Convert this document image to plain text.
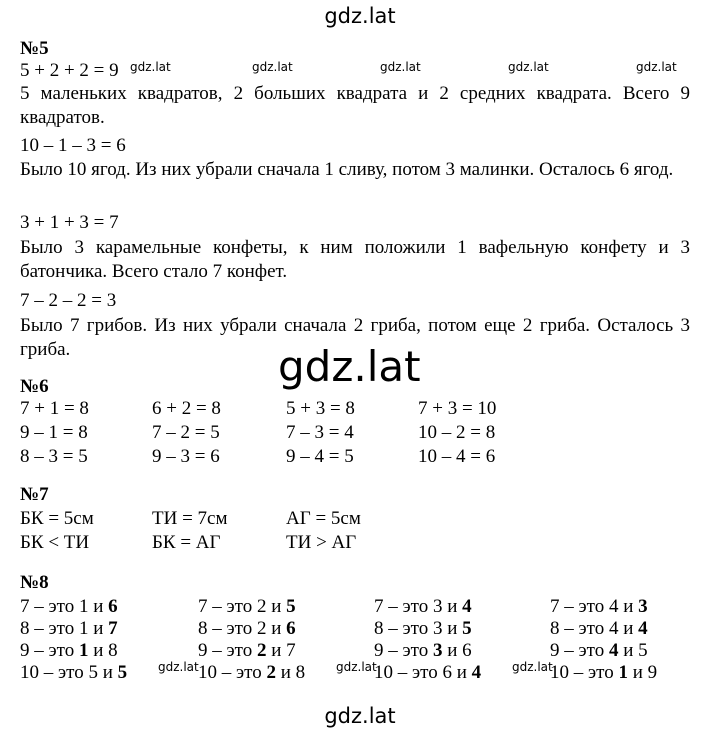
gdz.lat
gdz.lat
gdz.lat
gdz.lat	gdz.lat	gdz.lat	gdz.lat	gdz.lat
gdz.lat	gdz.lat	gdz.lat
№5
5 + 2 + 2 = 9
5 маленьких квадратов, 2 больших квадрата и 2 средних квадрата. Всего 9 квадратов.
10 – 1 – 3 = 6
Было 10 ягод. Из них убрали сначала 1 сливу, потом 3 малинки. Осталось 6 ягод.
3 + 1 + 3 = 7
Было 3 карамельные конфеты, к ним положили 1 вафельную конфету и 3 батончика. Всего стало 7 конфет.
7 – 2 – 2 = 3
Было 7 грибов. Из них убрали сначала 2 гриба, потом еще 2 гриба. Осталось 3 гриба.
№6
7 + 1 = 8	6 + 2 = 8	5 + 3 = 8	7 + 3 = 10
9 – 1 = 8	7 – 2 = 5	7 – 3 = 4	10 – 2 = 8
8 – 3 = 5	9 – 3 = 6	9 – 4 = 5	10 – 4 = 6
№7
БК = 5см	ТИ = 7см	АГ = 5см
БК < ТИ	БК = АГ	ТИ > АГ
№8
7 – это 1 и 6	7 – это 2 и 5	7 – это 3 и 4	7 – это 4 и 3
8 – это 1 и 7	8 – это 2 и 6	8 – это 3 и 5	8 – это 4 и 4
9 – это 1 и 8	9 – это 2 и 7	9 – это 3 и 6	9 – это 4 и 5
10 – это 5 и 5	10 – это 2 и 8	10 – это 6 и 4	10 – это 1 и 9
